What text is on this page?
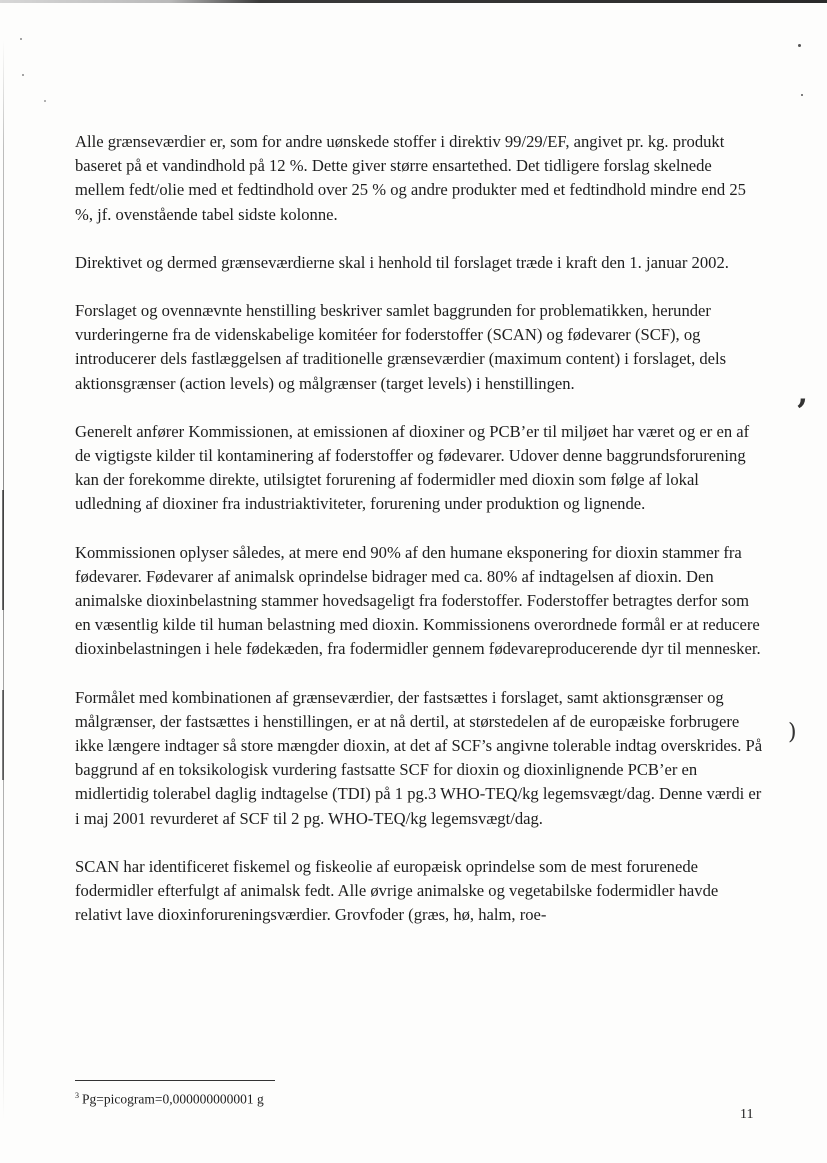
’
)

Alle grænseværdier er, som for andre uønskede stoffer i direktiv 99/29/EF, angivet pr. kg. produkt baseret på et vandindhold på 12 %. Dette giver større ensartethed. Det tidligere forslag skelnede mellem fedt/olie med et fedtindhold over 25 % og andre produkter med et fedtindhold mindre end 25 %, jf. ovenstående tabel sidste kolonne.

Direktivet og dermed grænseværdierne skal i henhold til forslaget træde i kraft den 1. januar 2002.

Forslaget og ovennævnte henstilling beskriver samlet baggrunden for problematikken, herunder vurderingerne fra de videnskabelige komitéer for foderstoffer (SCAN) og fødevarer (SCF), og introducerer dels fastlæggelsen af traditionelle grænseværdier (maximum content) i forslaget, dels aktionsgrænser (action levels) og målgrænser (target levels) i henstillingen.

Generelt anfører Kommissionen, at emissionen af dioxiner og PCB’er til miljøet har været og er en af de vigtigste kilder til kontaminering af foderstoffer og fødevarer. Udover denne baggrundsforurening kan der forekomme direkte, utilsigtet forurening af fodermidler med dioxin som følge af lokal udledning af dioxiner fra industriaktiviteter, forurening under produktion og lignende.

Kommissionen oplyser således, at mere end 90% af den humane eksponering for dioxin stammer fra fødevarer. Fødevarer af animalsk oprindelse bidrager med ca. 80% af indtagelsen af dioxin. Den animalske dioxinbelastning stammer hovedsageligt fra foderstoffer. Foderstoffer betragtes derfor som en væsentlig kilde til human belastning med dioxin. Kommissionens overordnede formål er at reducere dioxinbelastningen i hele fødekæden, fra fodermidler gennem fødevareproducerende dyr til mennesker.

Formålet med kombinationen af grænseværdier, der fastsættes i forslaget, samt aktionsgrænser og målgrænser, der fastsættes i henstillingen, er at nå dertil, at størstedelen af de europæiske forbrugere ikke længere indtager så store mængder dioxin, at det af SCF’s angivne tolerable indtag overskrides. På baggrund af en toksikologisk vurdering fastsatte SCF for dioxin og dioxinlignende PCB’er en midlertidig tolerabel daglig indtagelse (TDI) på 1 pg.3 WHO-TEQ/kg legemsvægt/dag. Denne værdi er i maj 2001 revurderet af SCF til 2 pg. WHO-TEQ/kg legemsvægt/dag.

SCAN har identificeret fiskemel og fiskeolie af europæisk oprindelse som de mest forurenede fodermidler efterfulgt af animalsk fedt. Alle øvrige animalske og vegetabilske fodermidler havde relativt lave dioxinforureningsværdier. Grovfoder (græs, hø, halm, roe-

$^3$ Pg=picogram=0,000000000001 g
11
